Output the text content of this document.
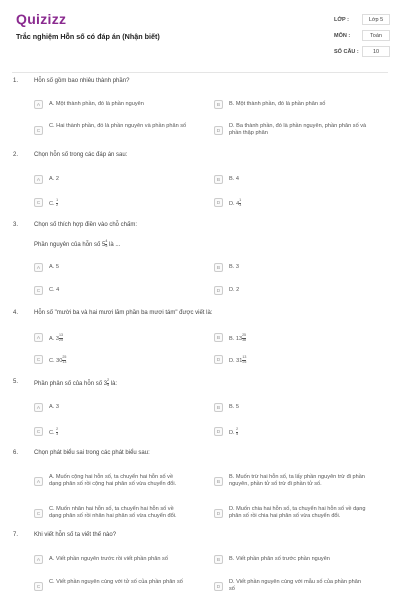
Quizizz
Trắc nghiệm Hỗn số có đáp án (Nhận biết)
LỚP :	Lớp 5
MÔN :	Toán
SỐ CÂU :	10
1.	Hỗn số gồm bao nhiêu thành phần?
A	A. Một thành phần, đó là phần nguyên	B	B. Một thành phần, đó là phần phân số
C
C. Hai thành phần, đó là phần nguyên và phần phân số
D
D. Ba thành phần, đó là phần nguyên, phần phân số và phần thập phân
2.	Chọn hỗn số trong các đáp án sau:
A	A. 2	B	B. 4
C	C. $\frac{1}{2}$	D	D. $4 \frac{1}{3}$
3.	Chọn số thích hợp điền vào chỗ chấm:
Phần nguyên của hỗn số $5 \frac{4}{5}$ là ...
A	A. 5	B	B. 3
C	C. 4	D	D. 2
4.	Hỗn số "mười ba và hai mươi lăm phần ba mươi tám" được viết là:
A	A. $3 \frac{13}{25}$	B	B. $13 \frac{25}{38}$
C	C. $30 \frac{25}{13}$	D	D. $31 \frac{13}{25}$
5.	Phần phân số của hỗn số $3 \frac{2}{5}$ là:
A	A. 3	B	B. 5
C	C. $\frac{2}{3}$	D	D. $\frac{2}{5}$
6.	Chọn phát biểu sai trong các phát biểu sau:
A
A. Muốn cộng hai hỗn số, ta chuyển hai hỗn số về dạng phân số rồi cộng hai phân số vừa chuyển đổi.	B
B. Muốn trừ hai hỗn số, ta lấy phần nguyên trừ đi phần nguyên, phần tử số trừ đi phần tử số.
C
C. Muốn nhân hai hỗn số, ta chuyển hai hỗn số về dạng phân số rồi nhân hai phân số vừa chuyển đổi.	D
D. Muốn chia hai hỗn số, ta chuyển hai hỗn số về dạng phân số rồi chia hai phân số vừa chuyển đổi.
7.	Khi viết hỗn số ta viết thế nào?
A	A. Viết phần nguyên trước rồi viết phần phân số	B	B. Viết phần phân số trước phần nguyên
C
C. Viết phần nguyên cùng với tử số của phần phân số
D
D. Viết phần nguyên cùng với mẫu số của phần phân số
